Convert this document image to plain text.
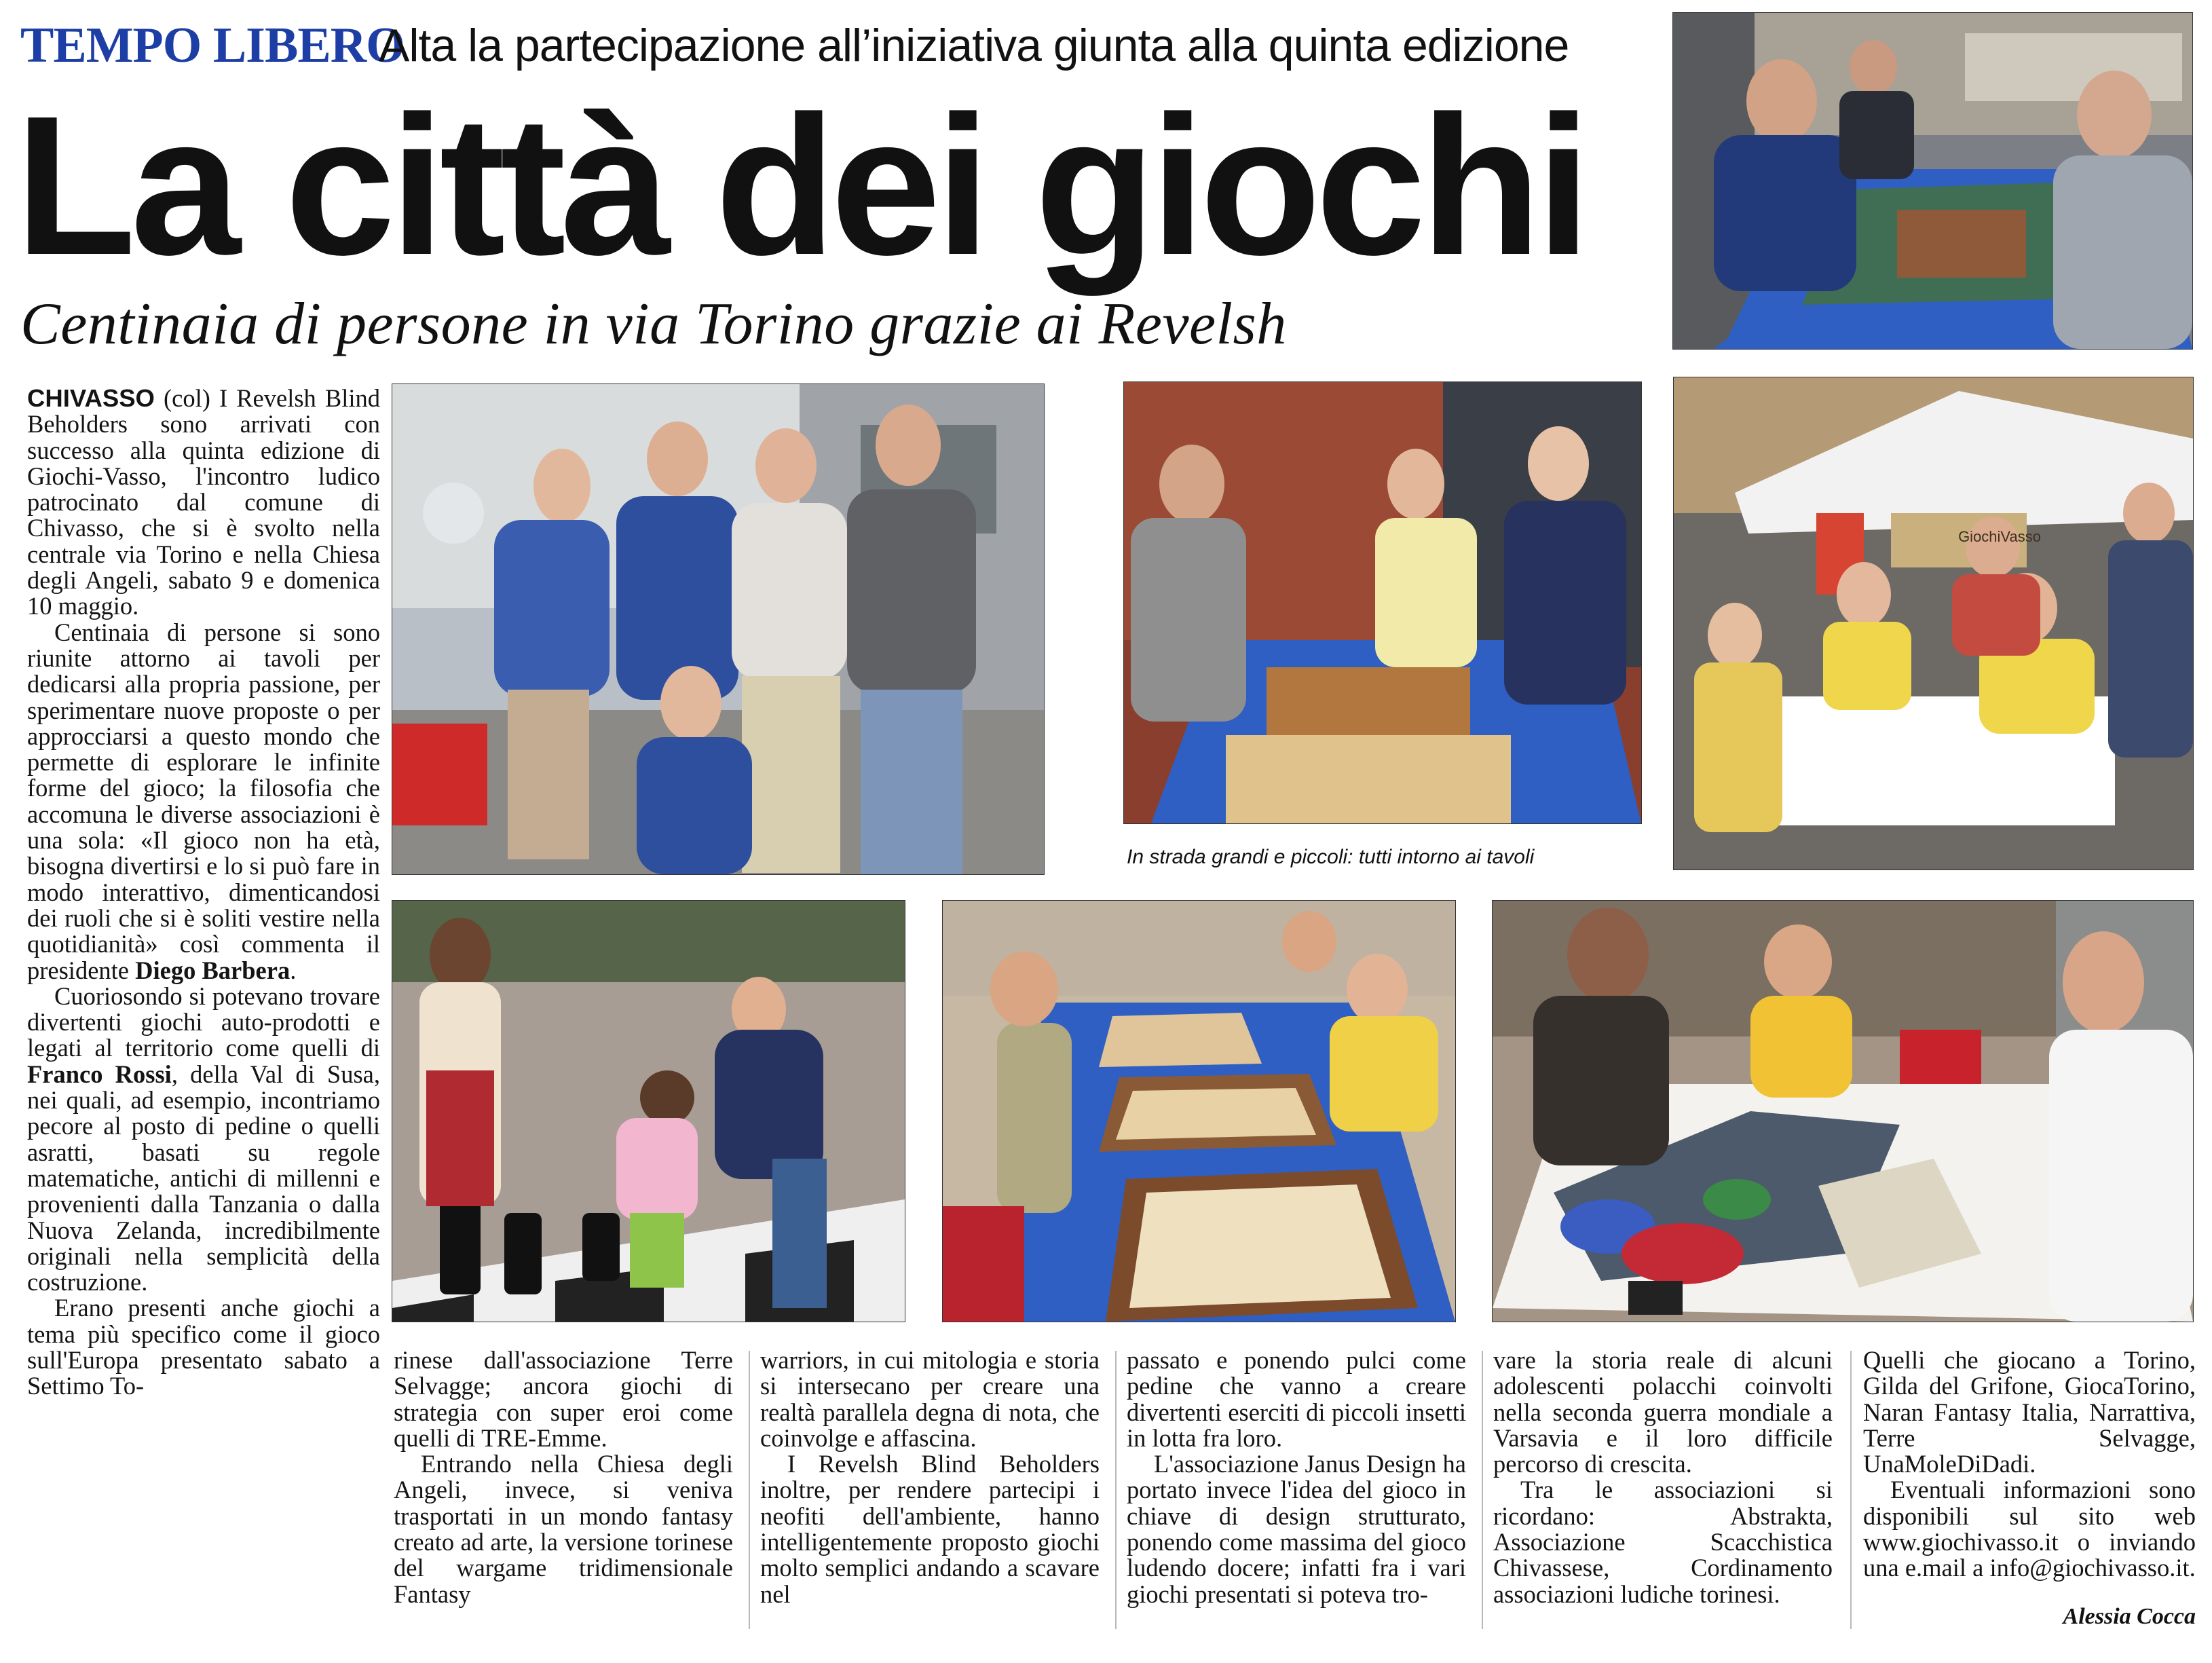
TEMPO LIBERO
Alta la partecipazione all’iniziativa giunta alla quinta edizione
La città dei giochi
Centinaia di persone in via Torino grazie ai Revelsh
GiochiVasso
In strada grandi e piccoli: tutti intorno ai tavoli

CHIVASSO (col) I Revelsh Blind Beholders sono arrivati con successo alla quinta edizione di Giochi-Vasso, l'incontro ludico patrocinato dal comune di Chivasso, che si è svolto nella centrale via Torino e nella Chiesa degli Angeli, sabato 9 e domenica 10 maggio.

Centinaia di persone si sono riunite attorno ai tavoli per dedicarsi alla propria passione, per sperimentare nuove proposte o per approcciarsi a questo mondo che permette di esplorare le infinite forme del gioco; la filosofia che accomuna le diverse associazioni è una sola: «Il gioco non ha età, bisogna divertirsi e lo si può fare in modo interattivo, dimenticandosi dei ruoli che si è soliti vestire nella quotidianità» così commenta il presidente Diego Barbera.

Cuoriosondo si potevano trovare divertenti giochi auto-prodotti e legati al territorio come quelli di Franco Rossi, della Val di Susa, nei quali, ad esempio, incontriamo pecore al posto di pedine o quelli asratti, basati su regole matematiche, antichi di millenni e provenienti dalla Tanzania o dalla Nuova Zelanda, incredibilmente originali nella semplicità della costruzione.

Erano presenti anche giochi a tema più specifico come il gioco sull'Europa presentato sabato a Settimo To-

rinese dall'associazione Terre Selvagge; ancora giochi di strategia con super eroi come quelli di TRE-Emme.

Entrando nella Chiesa degli Angeli, invece, si veniva trasportati in un mondo fantasy creato ad arte, la versione torinese del wargame tridimensionale Fantasy

warriors, in cui mitologia e storia si intersecano per creare una realtà parallela degna di nota, che coinvolge e affascina.

I Revelsh Blind Beholders inoltre, per rendere partecipi i neofiti dell'ambiente, hanno intelligentemente proposto giochi molto semplici andando a scavare nel

passato e ponendo pulci come pedine che vanno a creare divertenti eserciti di piccoli insetti in lotta fra loro.

L'associazione Janus Design ha portato invece l'idea del gioco in chiave di design strutturato, ponendo come massima del gioco ludendo docere; infatti fra i vari giochi presentati si poteva tro-

vare la storia reale di alcuni adolescenti polacchi coinvolti nella seconda guerra mondiale a Varsavia e il loro difficile percorso di crescita.

Tra le associazioni si ricordano: Abstrakta, Associazione Scacchistica Chivassese, Cordinamento associazioni ludiche torinesi.

Quelli che giocano a Torino, Gilda del Grifone, GiocaTorino, Naran Fantasy Italia, Narrattiva, Terre Selvagge, UnaMoleDiDadi.

Eventuali informazioni sono disponibili sul sito web www.giochivasso.it o inviando una e.mail a info@giochivasso.it.

Alessia Cocca
